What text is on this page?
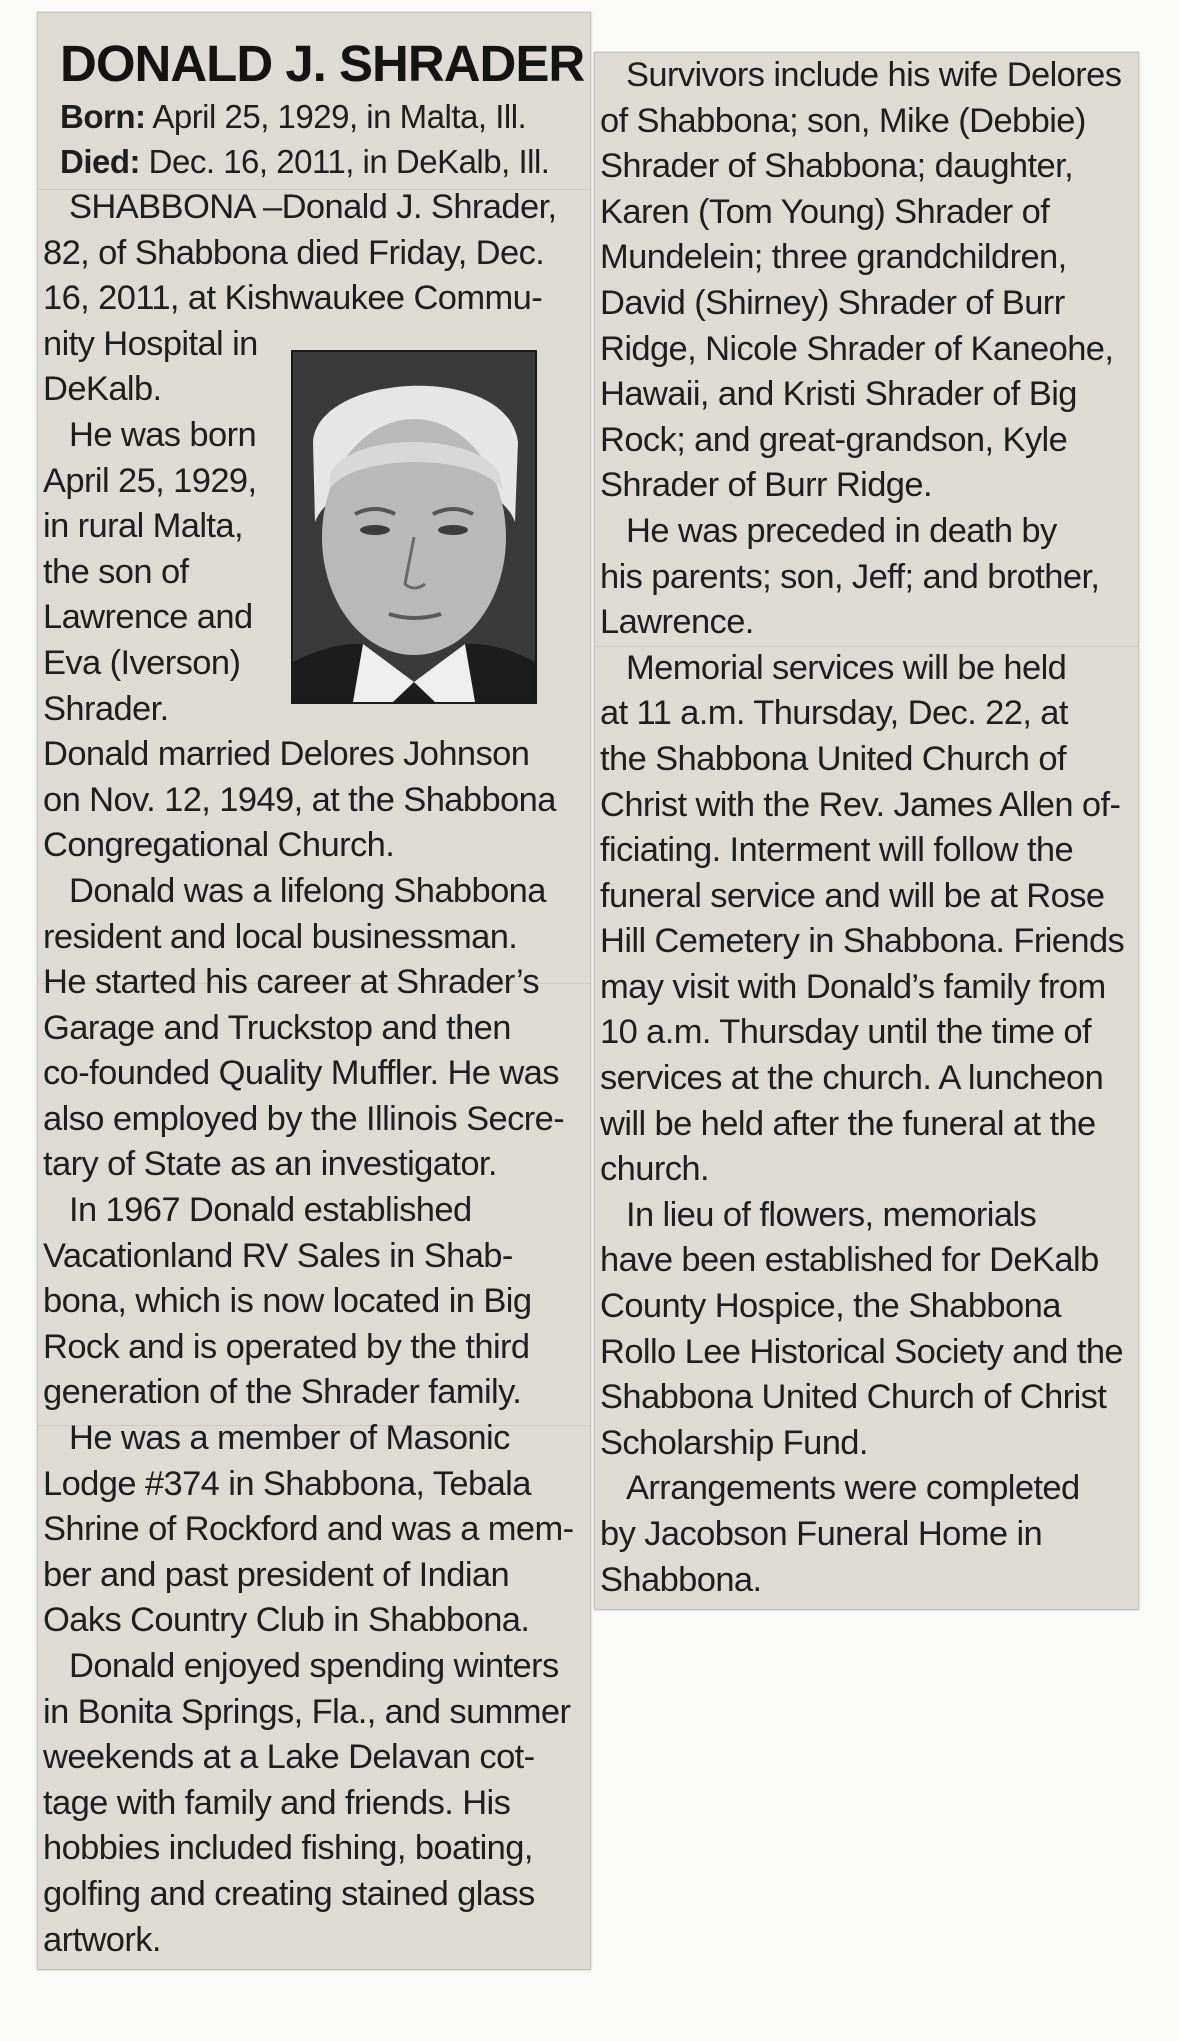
DONALD J. SHRADER
Born: April 25, 1929, in Malta, Ill.
Died: Dec. 16, 2011, in DeKalb, Ill.

SHABBONA –Donald J. Shrader,
82, of Shabbona died Friday, Dec.
16, 2011, at Kishwaukee Commu-
nity Hospital in
DeKalb.

He was born
April 25, 1929,
in rural Malta,
the son of
Lawrence and
Eva (Iverson)
Shrader.

Donald married Delores Johnson
on Nov. 12, 1949, at the Shabbona
Congregational Church.

Donald was a lifelong Shabbona
resident and local businessman.
He started his career at Shrader’s
Garage and Truckstop and then
co-founded Quality Muffler. He was
also employed by the Illinois Secre-
tary of State as an investigator.

In 1967 Donald established
Vacationland RV Sales in Shab-
bona, which is now located in Big
Rock and is operated by the third
generation of the Shrader family.

He was a member of Masonic
Lodge #374 in Shabbona, Tebala
Shrine of Rockford and was a mem-
ber and past president of Indian
Oaks Country Club in Shabbona.

Donald enjoyed spending winters
in Bonita Springs, Fla., and summer
weekends at a Lake Delavan cot-
tage with family and friends. His
hobbies included fishing, boating,
golfing and creating stained glass
artwork.

Survivors include his wife Delores
of Shabbona; son, Mike (Debbie)
Shrader of Shabbona; daughter,
Karen (Tom Young) Shrader of
Mundelein; three grandchildren,
David (Shirney) Shrader of Burr
Ridge, Nicole Shrader of Kaneohe,
Hawaii, and Kristi Shrader of Big
Rock; and great-grandson, Kyle
Shrader of Burr Ridge.

He was preceded in death by
his parents; son, Jeff; and brother,
Lawrence.

Memorial services will be held
at 11 a.m. Thursday, Dec. 22, at
the Shabbona United Church of
Christ with the Rev. James Allen of-
ficiating. Interment will follow the
funeral service and will be at Rose
Hill Cemetery in Shabbona. Friends
may visit with Donald’s family from
10 a.m. Thursday until the time of
services at the church. A luncheon
will be held after the funeral at the
church.

In lieu of flowers, memorials
have been established for DeKalb
County Hospice, the Shabbona
Rollo Lee Historical Society and the
Shabbona United Church of Christ
Scholarship Fund.

Arrangements were completed
by Jacobson Funeral Home in
Shabbona.
